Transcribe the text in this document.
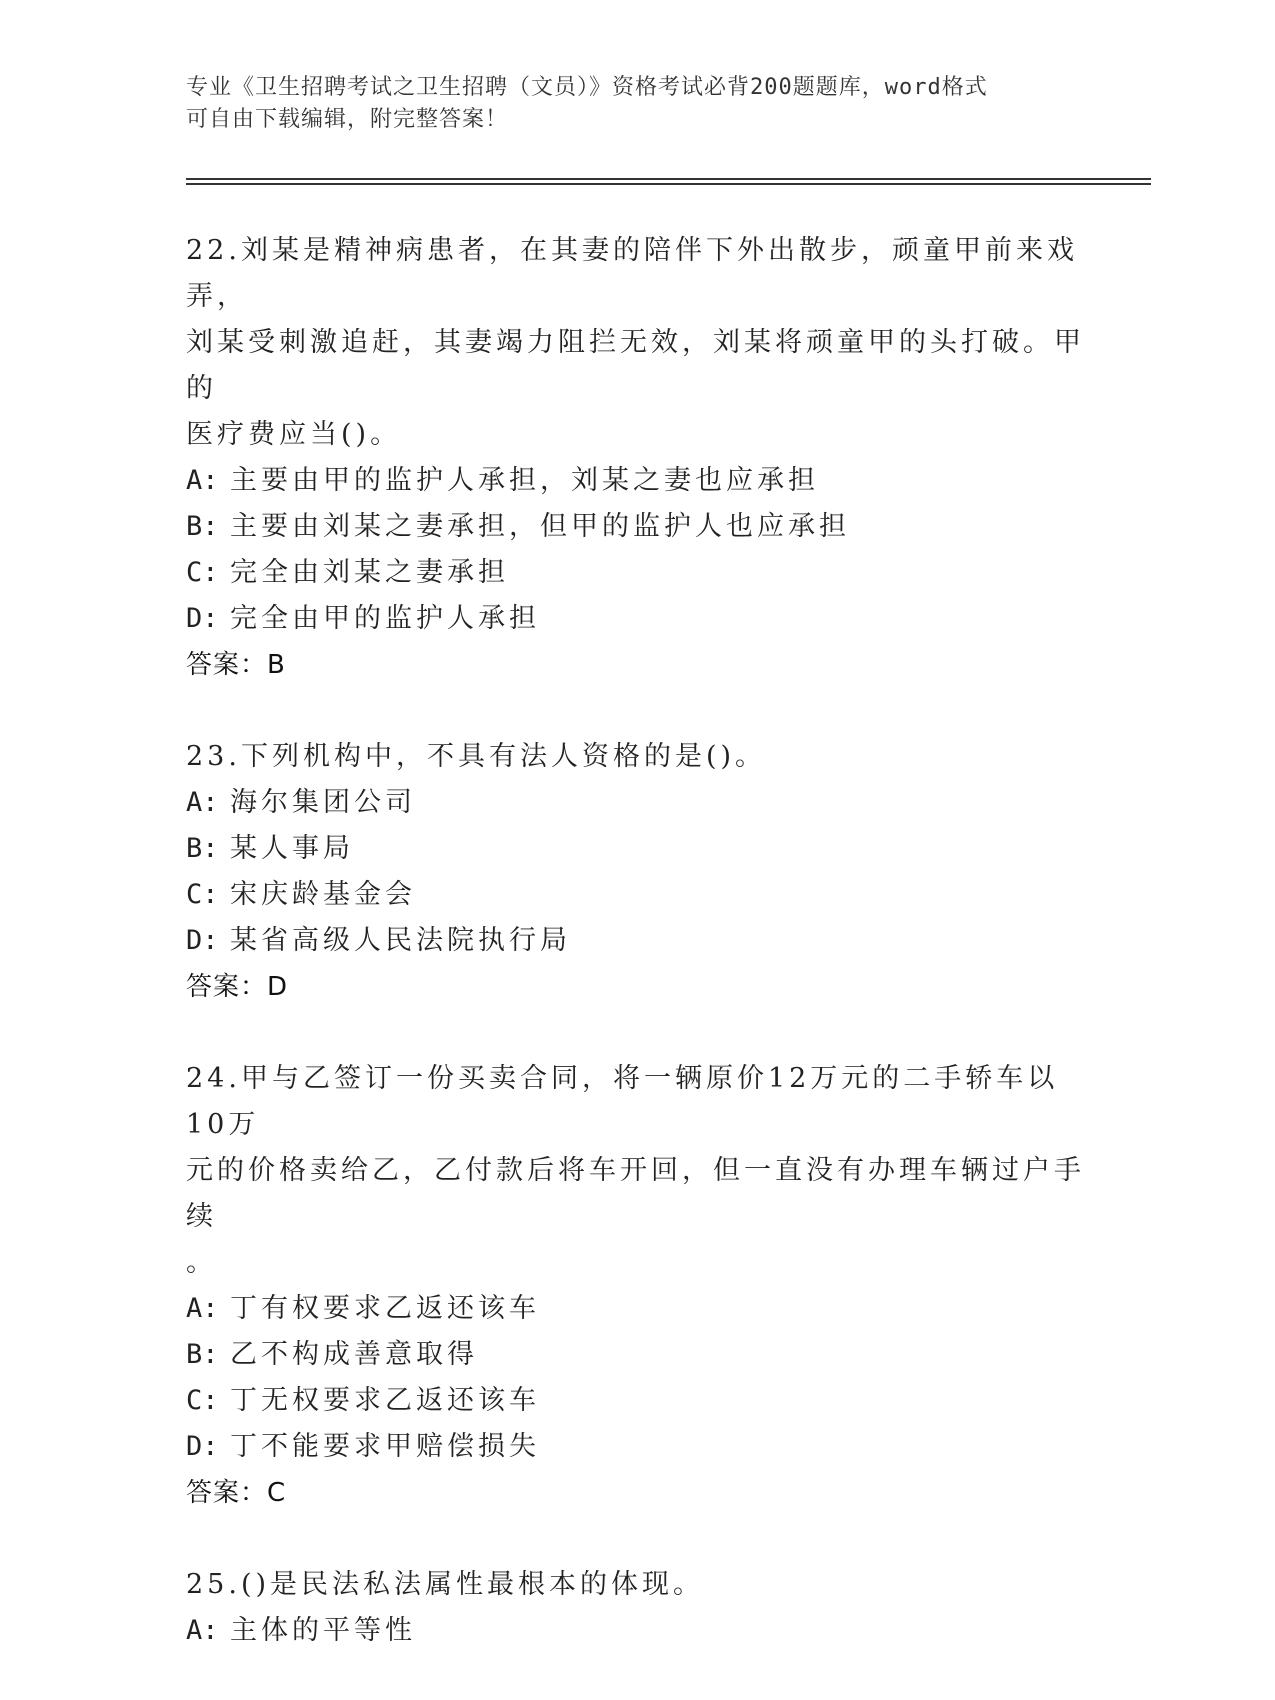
专业《卫生招聘考试之卫生招聘（文员）》资格考试必背200题题库，word格式
可自由下载编辑，附完整答案！
22.刘某是精神病患者，在其妻的陪伴下外出散步，顽童甲前来戏弄，
刘某受刺激追赶，其妻竭力阻拦无效，刘某将顽童甲的头打破。甲的
医疗费应当()。
A: 主要由甲的监护人承担，刘某之妻也应承担
B: 主要由刘某之妻承担，但甲的监护人也应承担
C: 完全由刘某之妻承担
D: 完全由甲的监护人承担
答案：B
23.下列机构中，不具有法人资格的是()。
A: 海尔集团公司
B: 某人事局
C: 宋庆龄基金会
D: 某省高级人民法院执行局
答案：D
24.甲与乙签订一份买卖合同，将一辆原价12万元的二手轿车以10万
元的价格卖给乙，乙付款后将车开回，但一直没有办理车辆过户手续
。
A: 丁有权要求乙返还该车
B: 乙不构成善意取得
C: 丁无权要求乙返还该车
D: 丁不能要求甲赔偿损失
答案：C
25.()是民法私法属性最根本的体现。
A: 主体的平等性
